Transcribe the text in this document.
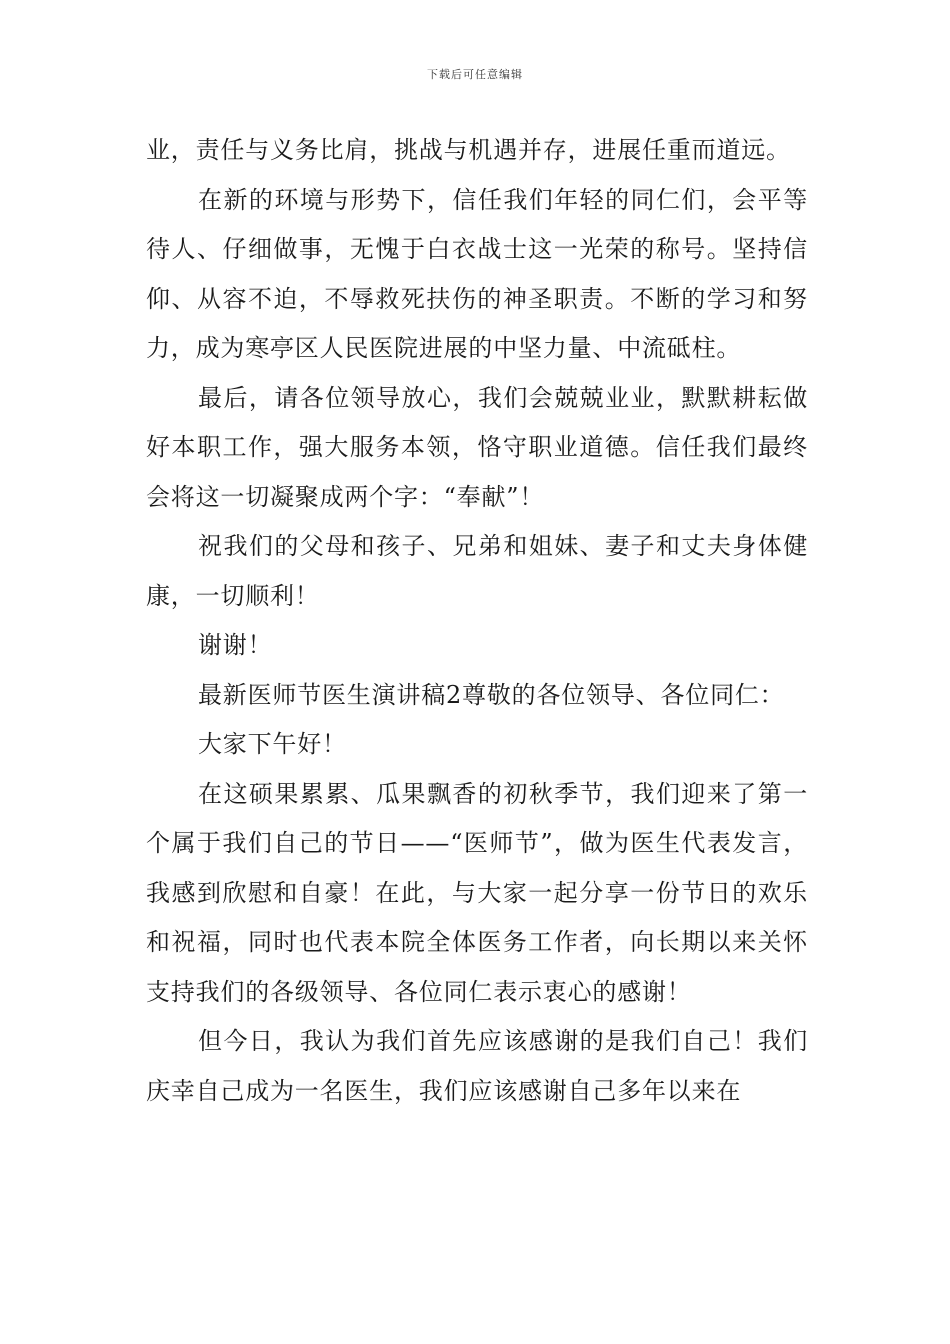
下载后可任意编辑

业，责任与义务比肩，挑战与机遇并存，进展任重而道远。

在新的环境与形势下，信任我们年轻的同仁们，会平等待人、仔细做事，无愧于白衣战士这一光荣的称号。坚持信仰、从容不迫，不辱救死扶伤的神圣职责。不断的学习和努力，成为寒亭区人民医院进展的中坚力量、中流砥柱。

最后，请各位领导放心，我们会兢兢业业，默默耕耘做好本职工作，强大服务本领，恪守职业道德。信任我们最终会将这一切凝聚成两个字：“奉献”！

祝我们的父母和孩子、兄弟和姐妹、妻子和丈夫身体健康，一切顺利！

谢谢！

最新医师节医生演讲稿2尊敬的各位领导、各位同仁：

大家下午好！

在这硕果累累、瓜果飘香的初秋季节，我们迎来了第一个属于我们自己的节日——“医师节”，做为医生代表发言，我感到欣慰和自豪！在此，与大家一起分享一份节日的欢乐和祝福，同时也代表本院全体医务工作者，向长期以来关怀支持我们的各级领导、各位同仁表示衷心的感谢！

但今日，我认为我们首先应该感谢的是我们自己！我们庆幸自己成为一名医生，我们应该感谢自己多年以来在
